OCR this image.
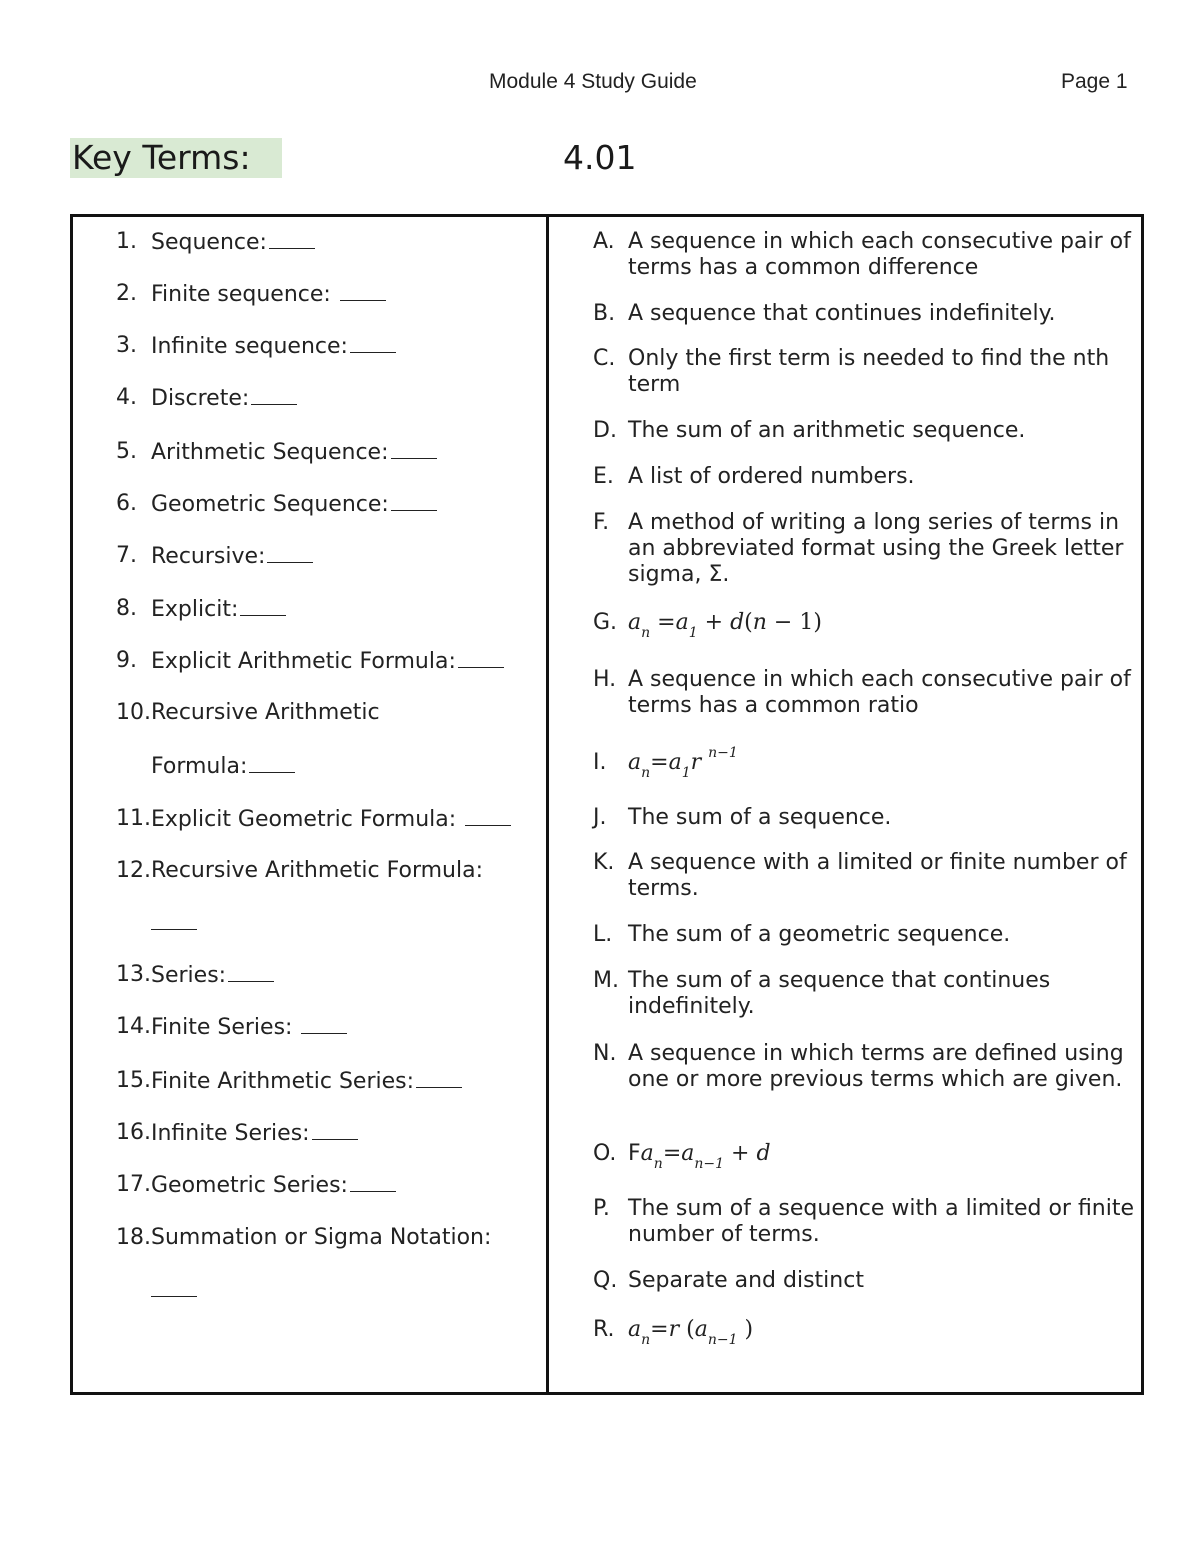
Module 4 Study Guide	Page 1
Key Terms:	4.01
1. Sequence:
2. Finite sequence:
3. Infinite sequence:
4. Discrete:
5. Arithmetic Sequence:
6. Geometric Sequence:
7. Recursive:
8. Explicit:
9. Explicit Arithmetic Formula:
10. Recursive Arithmetic
Formula:
11. Explicit Geometric Formula:
12. Recursive Arithmetic Formula:
13. Series:
14. Finite Series:
15. Finite Arithmetic Series:
16. Infinite Series:
17. Geometric Series:
18. Summation or Sigma Notation:
A. A sequence in which each consecutive pair of terms has a common difference
B. A sequence that continues indefinitely.
C. Only the first term is needed to find the nth term
D. The sum of an arithmetic sequence.
E. A list of ordered numbers.
F. A method of writing a long series of terms in an abbreviated format using the Greek letter sigma, Σ.
G. $a_n =a_1 + d(n - 1)$
H. A sequence in which each consecutive pair of terms has a common ratio
I. $a_n=a_1r$ $^{n-1}$
J. The sum of a sequence.
K. A sequence with a limited or finite number of terms.
L. The sum of a geometric sequence.
M. The sum of a sequence that continues indefinitely.
N. A sequence in which terms are defined using one or more previous terms which are given.
O. $Fa_n=a_{n-1} + d$
P. The sum of a sequence with a limited or finite number of terms.
Q. Separate and distinct
R. $a_n=r$ ($a_{n-1}$ )
